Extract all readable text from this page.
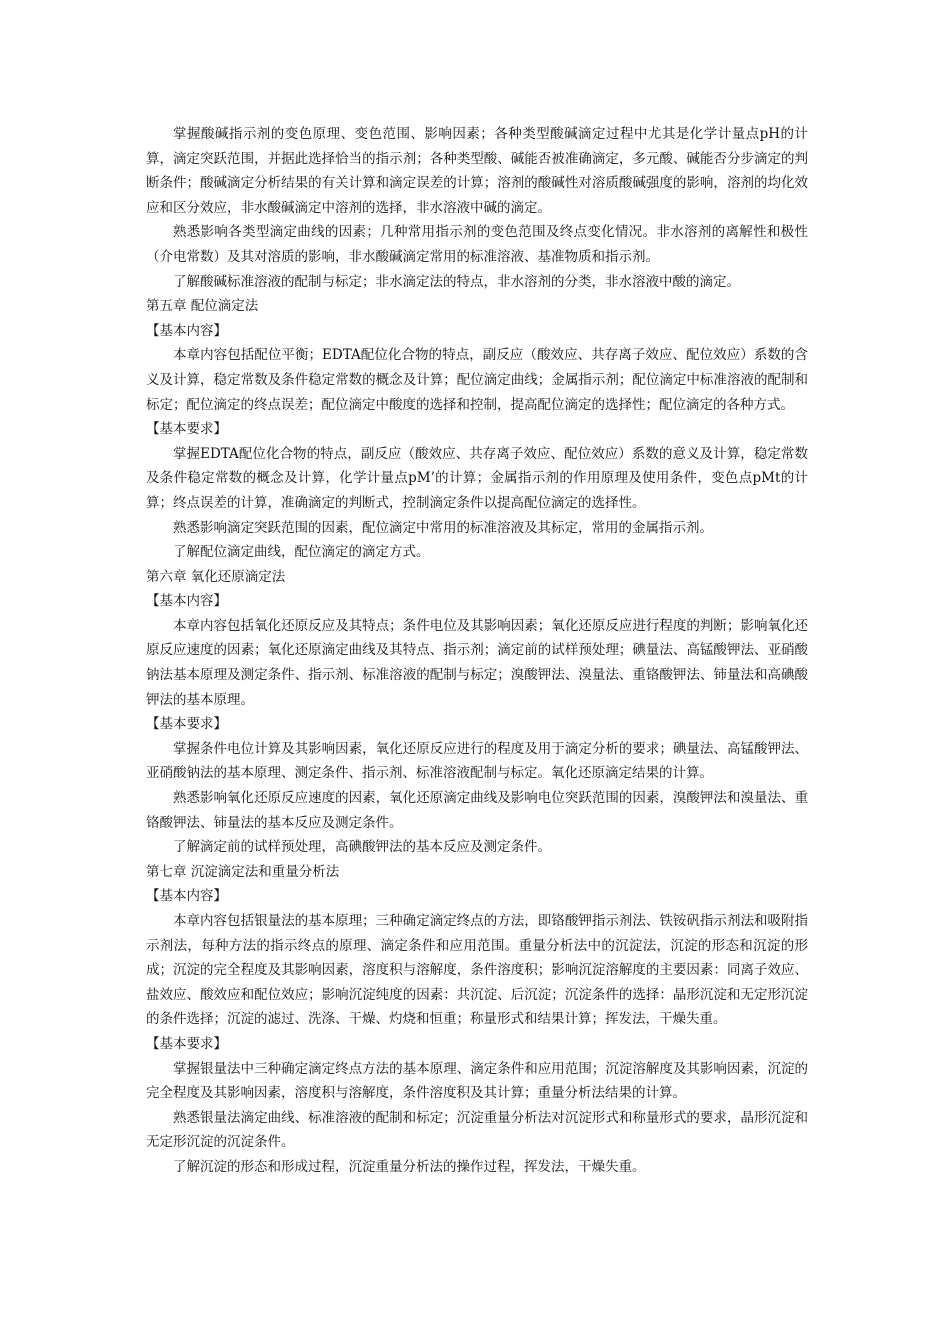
掌握酸碱指示剂的变色原理、变色范围、影响因素；各种类型酸碱滴定过程中尤其是化学计量点pH的计算，滴定突跃范围，并据此选择恰当的指示剂；各种类型酸、碱能否被准确滴定，多元酸、碱能否分步滴定的判断条件；酸碱滴定分析结果的有关计算和滴定误差的计算；溶剂的酸碱性对溶质酸碱强度的影响，溶剂的均化效应和区分效应，非水酸碱滴定中溶剂的选择，非水溶液中碱的滴定。

熟悉影响各类型滴定曲线的因素；几种常用指示剂的变色范围及终点变化情况。非水溶剂的离解性和极性（介电常数）及其对溶质的影响，非水酸碱滴定常用的标准溶液、基准物质和指示剂。

了解酸碱标准溶液的配制与标定；非水滴定法的特点，非水溶剂的分类，非水溶液中酸的滴定。

第五章 配位滴定法

【基本内容】

本章内容包括配位平衡；EDTA配位化合物的特点，副反应（酸效应、共存离子效应、配位效应）系数的含义及计算，稳定常数及条件稳定常数的概念及计算；配位滴定曲线；金属指示剂；配位滴定中标准溶液的配制和标定；配位滴定的终点误差；配位滴定中酸度的选择和控制，提高配位滴定的选择性；配位滴定的各种方式。

【基本要求】

掌握EDTA配位化合物的特点，副反应（酸效应、共存离子效应、配位效应）系数的意义及计算，稳定常数及条件稳定常数的概念及计算，化学计量点pM’的计算；金属指示剂的作用原理及使用条件，变色点pMt的计算；终点误差的计算，准确滴定的判断式，控制滴定条件以提高配位滴定的选择性。

熟悉影响滴定突跃范围的因素，配位滴定中常用的标准溶液及其标定，常用的金属指示剂。

了解配位滴定曲线，配位滴定的滴定方式。

第六章 氧化还原滴定法

【基本内容】

本章内容包括氧化还原反应及其特点；条件电位及其影响因素；氧化还原反应进行程度的判断；影响氧化还原反应速度的因素；氧化还原滴定曲线及其特点、指示剂；滴定前的试样预处理；碘量法、高锰酸钾法、亚硝酸钠法基本原理及测定条件、指示剂、标准溶液的配制与标定；溴酸钾法、溴量法、重铬酸钾法、铈量法和高碘酸钾法的基本原理。

【基本要求】

掌握条件电位计算及其影响因素，氧化还原反应进行的程度及用于滴定分析的要求；碘量法、高锰酸钾法、亚硝酸钠法的基本原理、测定条件、指示剂、标准溶液配制与标定。氧化还原滴定结果的计算。

熟悉影响氧化还原反应速度的因素，氧化还原滴定曲线及影响电位突跃范围的因素，溴酸钾法和溴量法、重铬酸钾法、铈量法的基本反应及测定条件。

了解滴定前的试样预处理，高碘酸钾法的基本反应及测定条件。

第七章 沉淀滴定法和重量分析法

【基本内容】

本章内容包括银量法的基本原理；三种确定滴定终点的方法，即铬酸钾指示剂法、铁铵矾指示剂法和吸附指示剂法，每种方法的指示终点的原理、滴定条件和应用范围。重量分析法中的沉淀法，沉淀的形态和沉淀的形成；沉淀的完全程度及其影响因素，溶度积与溶解度，条件溶度积；影响沉淀溶解度的主要因素：同离子效应、盐效应、酸效应和配位效应；影响沉淀纯度的因素：共沉淀、后沉淀；沉淀条件的选择：晶形沉淀和无定形沉淀的条件选择；沉淀的滤过、洗涤、干燥、灼烧和恒重；称量形式和结果计算；挥发法，干燥失重。

【基本要求】

掌握银量法中三种确定滴定终点方法的基本原理、滴定条件和应用范围；沉淀溶解度及其影响因素，沉淀的完全程度及其影响因素，溶度积与溶解度，条件溶度积及其计算；重量分析法结果的计算。

熟悉银量法滴定曲线、标准溶液的配制和标定；沉淀重量分析法对沉淀形式和称量形式的要求，晶形沉淀和无定形沉淀的沉淀条件。

了解沉淀的形态和形成过程，沉淀重量分析法的操作过程，挥发法，干燥失重。
